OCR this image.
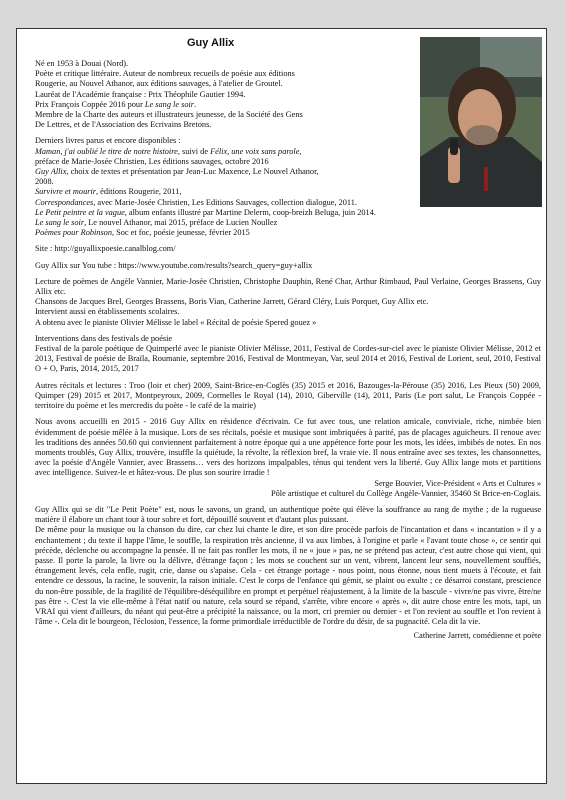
Guy Allix

Né en 1953 à Douai (Nord).

Poète et critique littéraire. Auteur de nombreux recueils de poésie aux éditions

Rougerie, au Nouvel Athanor, aux éditions sauvages, à l'atelier de Groutel.

Lauréat de l'Académie française : Prix Théophile Gautier 1994.

Prix François Coppée 2016 pour Le sang le soir.

Membre de la Charte des auteurs et illustrateurs jeunesse, de la Société des Gens

De Lettres, et de l'Association des Ecrivains Bretons.

Derniers livres parus et encore disponibles :

Maman, j'ai oublié le titre de notre histoire, suivi de Félix, une voix sans parole,

préface de Marie-Josée Christien, Les éditions sauvages, octobre 2016

Guy Allix, choix de textes et présentation par Jean-Luc Maxence, Le Nouvel Athanor,

2008.

Survivre et mourir, éditions Rougerie, 2011,

Correspondances, avec Marie-Josée Christien, Les Editions Sauvages, collection dialogue, 2011.

Le Petit peintre et la vague, album enfants illustré par Martine Delerm, coop-breizh Beluga, juin 2014.

Le sang le soir, Le nouvel Athanor, mai 2015, préface de Lucien Noullez

Poèmes pour Robinson, Soc et foc, poésie jeunesse, février 2015

Site : http://guyallixpoesie.canalblog.com/

Guy Allix sur You tube : https://www.youtube.com/results?search_query=guy+allix

Lecture de poèmes de Angèle Vannier, Marie-Josée Christien, Christophe Dauphin, René Char, Arthur Rimbaud, Paul Verlaine, Georges Brassens, Guy Allix etc.

Chansons de Jacques Brel, Georges Brassens, Boris Vian, Catherine Jarrett, Gérard Cléry, Luis Porquet, Guy Allix etc.

Intervient aussi en établissements scolaires.

A obtenu avec le pianiste Olivier Mélisse le label « Récital de poésie Spered gouez »

Interventions dans des festivals de poésie

Festival de la parole poétique de Quimperlé avec le pianiste Olivier Mélisse, 2011, Festival de Cordes-sur-ciel avec le pianiste Olivier Mélisse, 2012 et 2013, Festival de poésie de Braïla, Roumanie, septembre 2016, Festival de Montmeyan, Var, seul 2014 et 2016, Festival de Lorient, seul, 2010, Festival O + O, Paris, 2014, 2015, 2017

Autres récitals et lectures : Troo (loir et cher) 2009, Saint-Brice-en-Coglès (35) 2015 et 2016, Bazouges-la-Pérouse (35) 2016, Les Pieux (50) 2009, Quimper (29) 2015 et 2017, Montpeyroux, 2009, Cormelles le Royal (14), 2010, Giberville (14), 2011, Paris (Le port salut, Le François Coppée - territoire du poème et les mercredis du poète - le café de la mairie)

Nous avons accueilli en 2015 - 2016 Guy Allix en résidence d'écrivain. Ce fut avec tous, une relation amicale, conviviale, riche, nimbée bien évidemment de poésie mêlée à la musique. Lors de ses récitals, poésie et musique sont imbriquées à parité, pas de placages aguicheurs. Il renoue avec les traditions des années 50.60 qui conviennent parfaitement à notre époque qui a une appétence forte pour les mots, les idées, imbibés de notes. En nos moments troublés, Guy Allix, trouvère, insuffle la quiétude, la révolte, la réflexion bref, la vraie vie. Il nous entraîne avec ses textes, les chansonnettes, avec la poésie d'Angèle Vannier, avec Brassens… vers des horizons impalpables, ténus qui tendent vers la liberté. Guy Allix lange mots et partitions avec intelligence. Suivez-le et hâtez-vous. De plus son sourire irradie !

Serge Bouvier, Vice-Président « Arts et Cultures »

Pôle artistique et culturel du Collège Angèle-Vannier, 35460 St Brice-en-Coglais.

Guy Allix qui se dit "Le Petit Poète" est, nous le savons, un grand, un authentique poète qui élève la souffrance au rang de mythe ; de la rugueuse matière il élabore un chant tour à tour sobre et fort, dépouillé souvent et d'autant plus puissant.

De même pour la musique ou la chanson du dire, car chez lui chante le dire, et son dire procède parfois de l'incantation et dans « incantation » il y a enchantement ; du texte il happe l'âme, le souffle, la respiration très ancienne, il va aux limbes, à l'origine et parle « l'avant toute chose », ce sentir qui précède, déclenche ou accompagne la pensée. Il ne fait pas ronfler les mots, il ne « joue » pas, ne se prétend pas acteur, c'est autre chose qui vient, qui passe. Il porte la parole, la livre ou la délivre, d'étrange façon ; les mots se couchent sur un vent, vibrent, lancent leur sens, nouvellement souffiés, étrangement levés, cela enfle, rugit, crie, danse ou s'apaise. Cela - cet étrange portage - nous point, nous étonne, nous tient muets à l'écoute, et fait entendre ce dessous, la racine, le souvenir, la raison initiale. C'est le corps de l'enfance qui gémit, se plaint ou exulte ; ce désarroi constant, prescience du non-être possible, de la fragilité de l'équilibre-déséquilibre en prompt et perpétuel réajustement, à la limite de la bascule - vivre/ne pas vivre, être/ne pas être -. C'est la vie elle-même à l'état natif ou nature, cela sourd se répand, s'arrête, vibre encore « après », dit autre chose entre les mots, tapi, un VRAI qui vient d'ailleurs, du néant qui peut-être a précipité la naissance, ou la mort, cri premier ou dernier - et l'on revient au souffle et l'on revient à l'âme -. Cela dit le bourgeon, l'éclosion, l'essence, la forme primordiale irréductible de l'ordre du désir, de sa pugnacité. Cela dit la vie.

Catherine Jarrett, comédienne et poète
